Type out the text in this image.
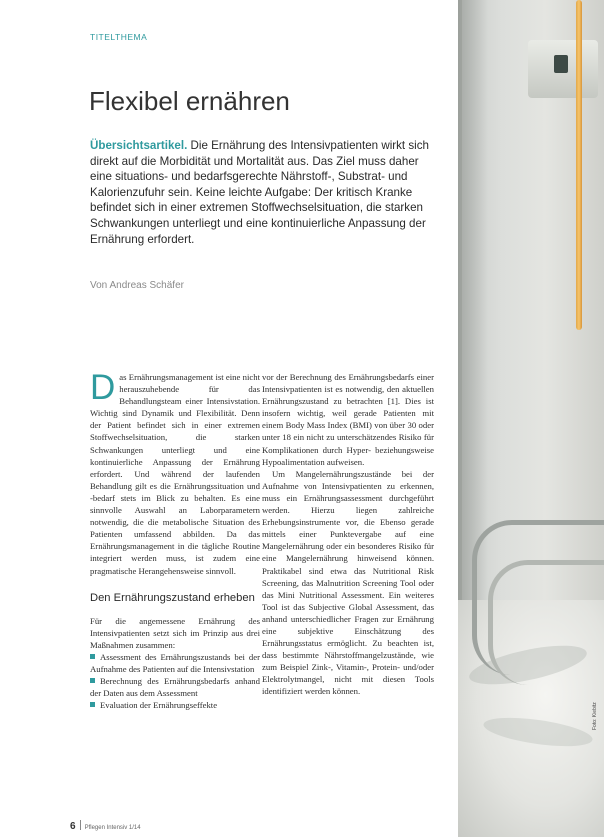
Foto: Kiebitz
TITELTHEMA
Flexibel ernähren

Übersichtsartikel. Die Ernährung des Intensivpatienten wirkt sich direkt auf die Morbidität und Mortalität aus. Das Ziel muss daher eine situations- und bedarfsgerechte Nährstoff-, Substrat- und Kalorienzufuhr sein. Keine leichte Aufgabe: Der kritisch Kranke befindet sich in einer extremen Stoffwechselsituation, die starken Schwankungen unterliegt und eine kontinuierliche Anpassung der Ernährung erfordert.

Von Andreas Schäfer

Das Ernährungsmanagement ist eine nicht herauszuhebende für das Behandlungsteam einer Intensivstation. Wichtig sind Dynamik und Flexibilität. Denn der Patient befindet sich in einer extremen Stoffwechselsituation, die starken Schwankungen unterliegt und eine kontinuierliche Anpassung der Ernährung erfordert. Und während der laufenden Behandlung gilt es die Ernährungssituation und -bedarf stets im Blick zu behalten. Es eine sinnvolle Auswahl an Laborparametern notwendig, die die metabolische Situation des Patienten umfassend abbilden. Da das Ernährungsmanagement in die tägliche Routine integriert werden muss, ist zudem eine pragmatische Herangehensweise sinnvoll.

Den Ernährungszustand erheben

Für die angemessene Ernährung des Intensivpatienten setzt sich im Prinzip aus drei Maßnahmen zusammen:

Assessment des Ernährungszustands bei der Aufnahme des Patienten auf die Intensivstation
Berechnung des Ernährungsbedarfs anhand der Daten aus dem Assessment
Evaluation der Ernährungseffekte

vor der Berechnung des Ernährungsbedarfs einer Intensivpatienten ist es notwendig, den aktuellen Ernährungszustand zu betrachten [1]. Dies ist insofern wichtig, weil gerade Patienten mit einem Body Mass Index (BMI) von über 30 oder unter 18 ein nicht zu unterschätzendes Risiko für Komplikationen durch Hyper- beziehungsweise Hypoalimentation aufweisen.

Um Mangelernährungszustände bei der Aufnahme von Intensivpatienten zu erkennen, muss ein Ernährungsassessment durchgeführt werden. Hierzu liegen zahlreiche Erhebungsinstrumente vor, die Ebenso gerade mittels einer Punktevergabe auf eine Mangelernährung oder ein besonderes Risiko für eine Mangelernährung hinweisend können. Praktikabel sind etwa das Nutritional Risk Screening, das Malnutrition Screening Tool oder das Mini Nutritional Assessment. Ein weiteres Tool ist das Subjective Global Assessment, das anhand unterschiedlicher Fragen zur Ernährung eine subjektive Einschätzung des Ernährungsstatus ermöglicht. Zu beachten ist, dass bestimmte Nährstoffmangelzustände, wie zum Beispiel Zink-, Vitamin-, Protein- und/oder Elektrolytmangel, nicht mit diesen Tools identifiziert werden können.

6 Pflegen Intensiv 1/14
